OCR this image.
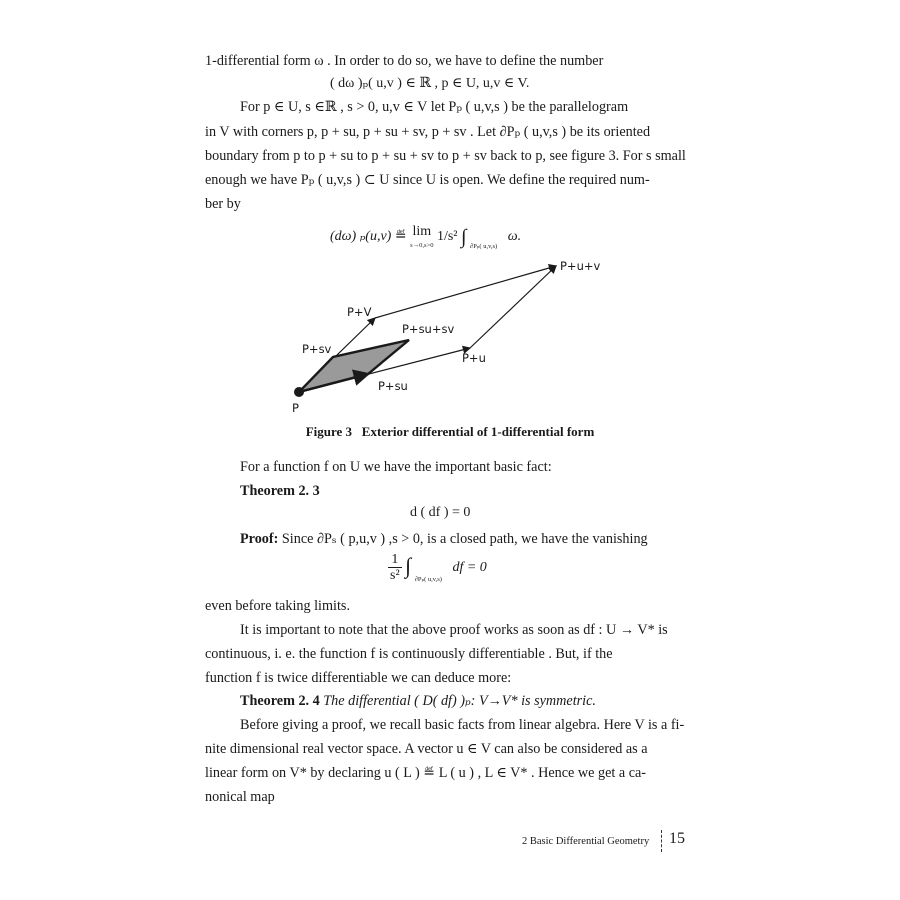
1-differential form ω . In order to do so, we have to define the number
( dω )ₚ( u,v ) ∈ ℝ , p ∈ U, u,v ∈ V.
For p ∈ U, s ∈ℝ , s > 0, u,v ∈ V let Pₚ ( u,v,s ) be the parallelogram
in V with corners p, p + su, p + su + sv, p + sv . Let ∂Pₚ ( u,v,s ) be its oriented
boundary from p to p + su to p + su + sv to p + sv back to p, see figure 3. For s small
enough we have Pₚ ( u,v,s ) ⊂ U since U is open. We define the required num-
ber by
(dω) ₚ(u,v) ≝ lim
s→0,s>0 1/s² ∫ $_{\partial P_p( u,v,s)}$   ω.
P
P+su
P+sv
P+su+sv
P+u
P+V
P+u+v
Figure 3 Exterior differential of 1-differential form
For a function f on U we have the important basic fact:
Theorem 2. 3
d ( df ) = 0
Proof: Since ∂Pₛ ( p,u,v ) ,s > 0, is a closed path, we have the vanishing
$\frac{1}{\text{s²}}$ ∫ $_{\partial P_p( u,v,s)}$   df = 0
even before taking limits.
It is important to note that the above proof works as soon as df : U → V* is
continuous, i. e. the function f is continuously differentiable . But, if the
function f is twice differentiable we can deduce more:
Theorem 2. 4 The differential ( D( df) )ₚ: V→V* is symmetric.
Before giving a proof, we recall basic facts from linear algebra. Here V is a fi-
nite dimensional real vector space. A vector u ∈ V can also be considered as a
linear form on V* by declaring u ( L ) ≝ L ( u ) , L ∈ V* . Hence we get a ca-
nonical map
2 Basic Differential Geometry 15
